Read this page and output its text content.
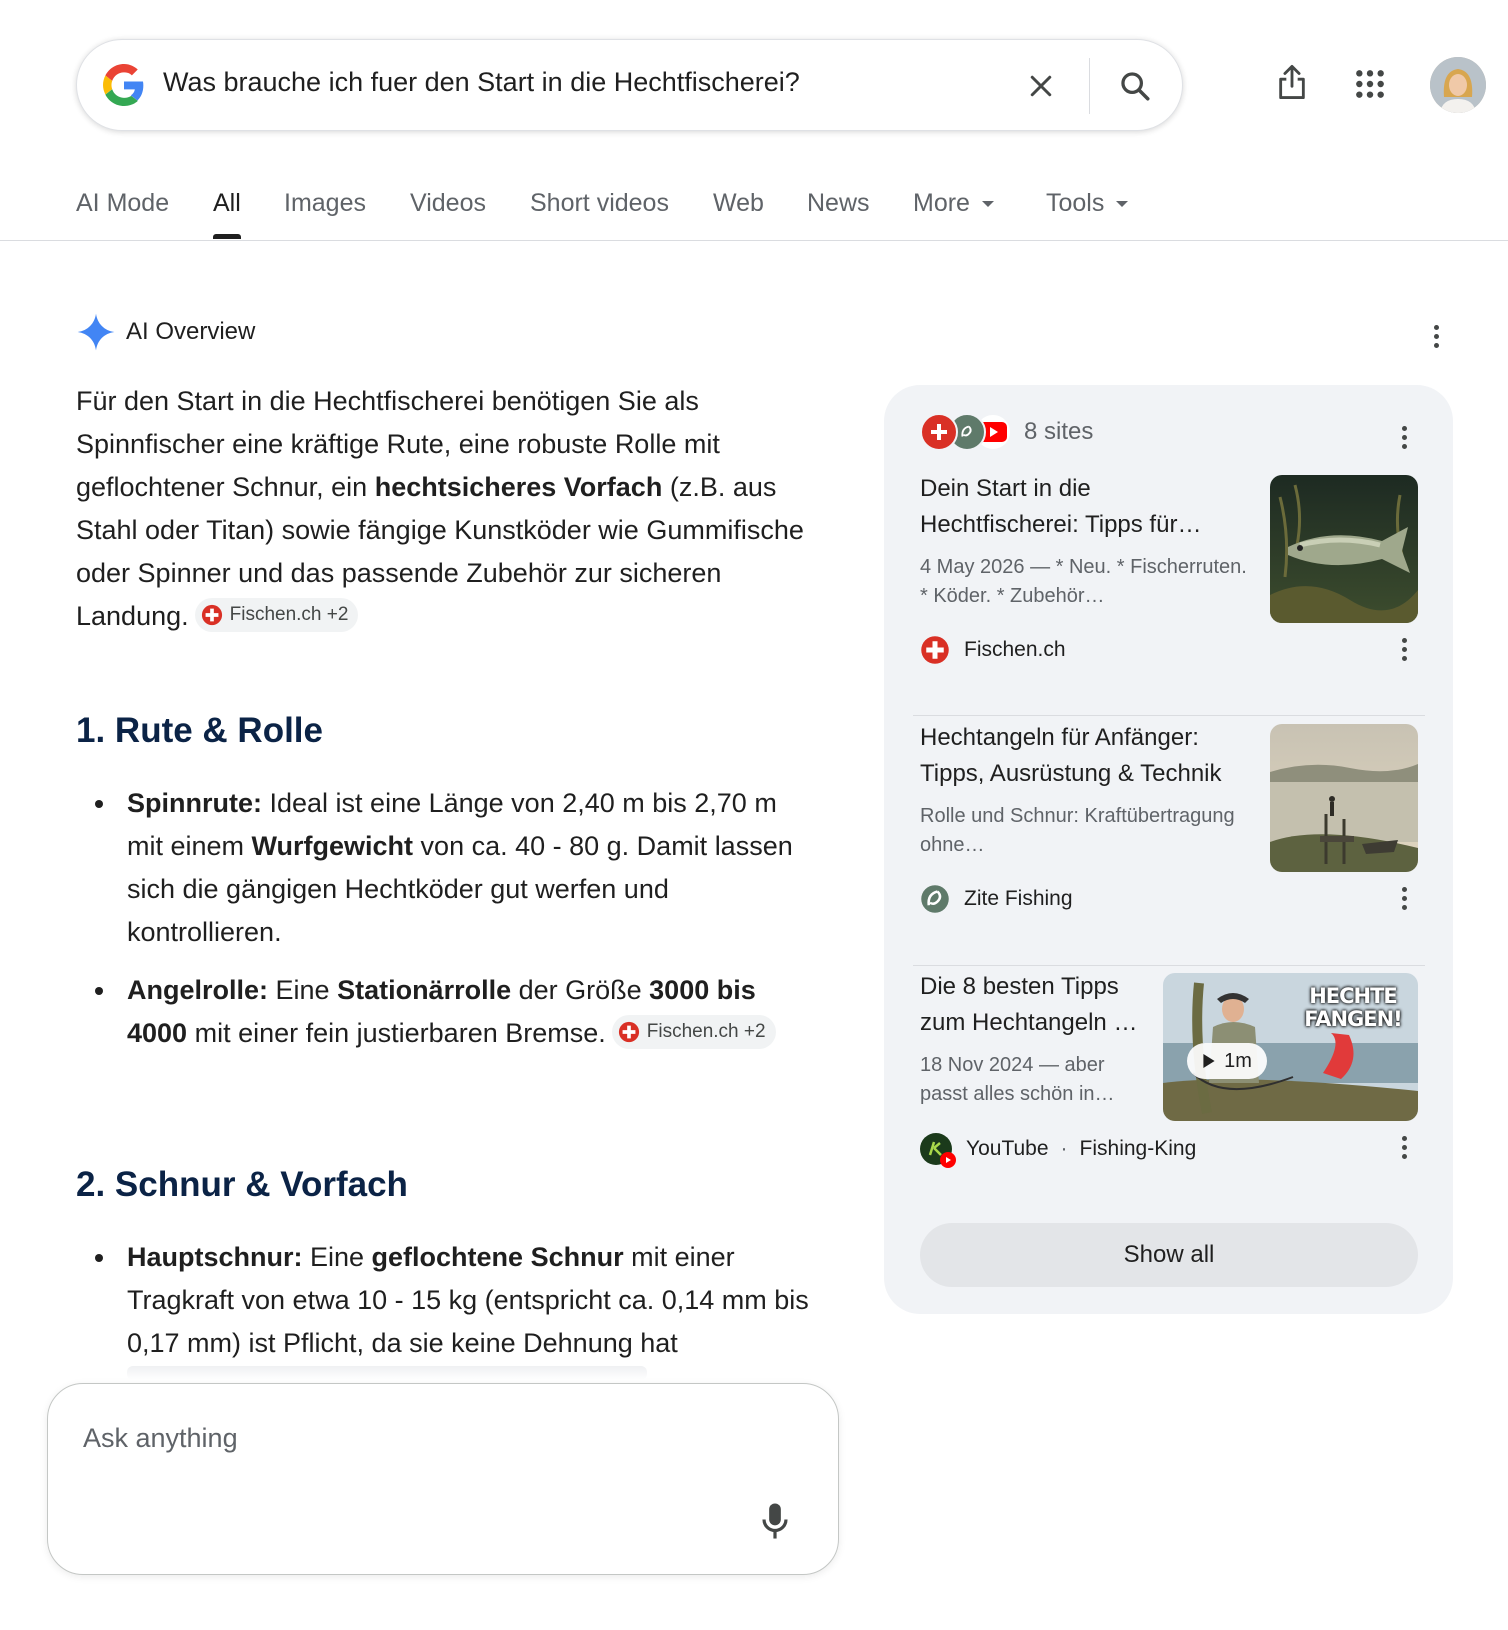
Was brauche ich fuer den Start in die Hechtfischerei?
AI Mode All Images Videos Short videos Web News More	Tools
AI Overview

Für den Start in die Hechtfischerei benötigen Sie als Spinnfischer eine kräftige Rute, eine robuste Rolle mit geflochtener Schnur, ein hechtsicheres Vorfach (z.B. aus Stahl oder Titan) sowie fängige Kunstköder wie Gummifische oder Spinner und das passende Zubehör zur sicheren Landung. Fischen.ch +2

1. Rute & Rolle
Spinnrute: Ideal ist eine Länge von 2,40 m bis 2,70 m mit einem Wurfgewicht von ca. 40 - 80 g. Damit lassen sich die gängigen Hechtköder gut werfen und kontrollieren.
Angelrolle: Eine Stationärrolle der Größe 3000 bis 4000 mit einer fein justierbaren Bremse. Fischen.ch +2
2. Schnur & Vorfach
Hauptschnur: Eine geflochtene Schnur mit einer Tragkraft von etwa 10 - 15 kg (entspricht ca. 0,14 mm bis 0,17 mm) ist Pflicht, da sie keine Dehnung hat
Ask anything
8 sites
Dein Start in die Hechtfischerei: Tipps für…
4 May 2026 — * Neu. * Fischerruten. * Köder. * Zubehör…
Fischen.ch
Hechtangeln für Anfänger: Tipps, Ausrüstung & Technik
Rolle und Schnur: Kraftübertragung ohne…
Zite Fishing
Die 8 besten Tipps zum Hechtangeln …
18 Nov 2024 — aber passt alles schön in…
HECHTE FANGEN!
1m
YouTube · Fishing-King
Show all
